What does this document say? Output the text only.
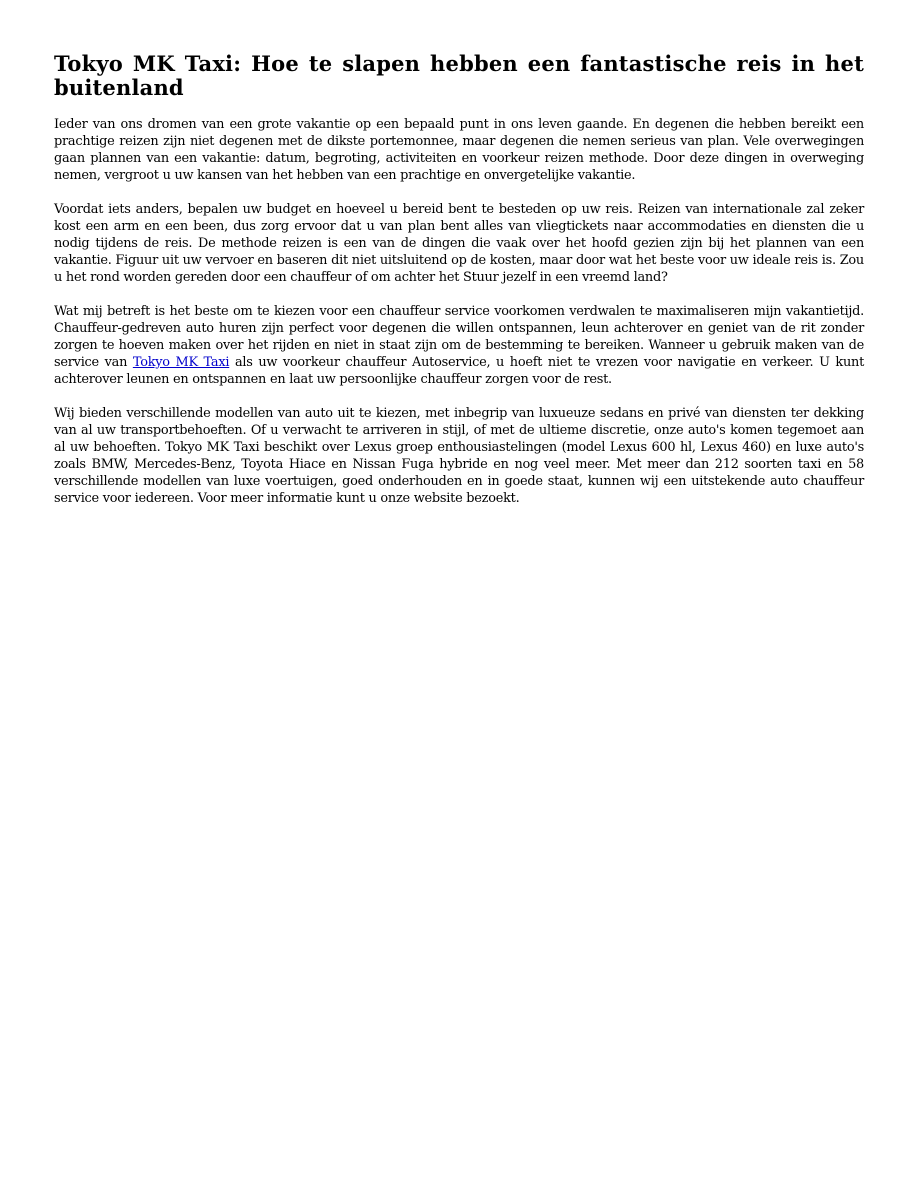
Tokyo MK Taxi: Hoe te slapen hebben een fantastische reis in het buitenland

Ieder van ons dromen van een grote vakantie op een bepaald punt in ons leven gaande. En degenen die hebben bereikt een prachtige reizen zijn niet degenen met de dikste portemonnee, maar degenen die nemen serieus van plan. Vele overwegingen gaan plannen van een vakantie: datum, begroting, activiteiten en voorkeur reizen methode. Door deze dingen in overweging nemen, vergroot u uw kansen van het hebben van een prachtige en onvergetelijke vakantie.

Voordat iets anders, bepalen uw budget en hoeveel u bereid bent te besteden op uw reis. Reizen van internationale zal zeker kost een arm en een been, dus zorg ervoor dat u van plan bent alles van vliegtickets naar accommodaties en diensten die u nodig tijdens de reis. De methode reizen is een van de dingen die vaak over het hoofd gezien zijn bij het plannen van een vakantie. Figuur uit uw vervoer en baseren dit niet uitsluitend op de kosten, maar door wat het beste voor uw ideale reis is. Zou u het rond worden gereden door een chauffeur of om achter het Stuur jezelf in een vreemd land?

Wat mij betreft is het beste om te kiezen voor een chauffeur service voorkomen verdwalen te maximaliseren mijn vakantietijd. Chauffeur-gedreven auto huren zijn perfect voor degenen die willen ontspannen, leun achterover en geniet van de rit zonder zorgen te hoeven maken over het rijden en niet in staat zijn om de bestemming te bereiken. Wanneer u gebruik maken van de service van Tokyo MK Taxi als uw voorkeur chauffeur Autoservice, u hoeft niet te vrezen voor navigatie en verkeer. U kunt achterover leunen en ontspannen en laat uw persoonlijke chauffeur zorgen voor de rest.

Wij bieden verschillende modellen van auto uit te kiezen, met inbegrip van luxueuze sedans en privé van diensten ter dekking van al uw transportbehoeften. Of u verwacht te arriveren in stijl, of met de ultieme discretie, onze auto's komen tegemoet aan al uw behoeften. Tokyo MK Taxi beschikt over Lexus groep enthousiastelingen (model Lexus 600 hl, Lexus 460) en luxe auto's zoals BMW, Mercedes-Benz, Toyota Hiace en Nissan Fuga hybride en nog veel meer. Met meer dan 212 soorten taxi en 58 verschillende modellen van luxe voertuigen, goed onderhouden en in goede staat, kunnen wij een uitstekende auto chauffeur service voor iedereen. Voor meer informatie kunt u onze website bezoekt.
